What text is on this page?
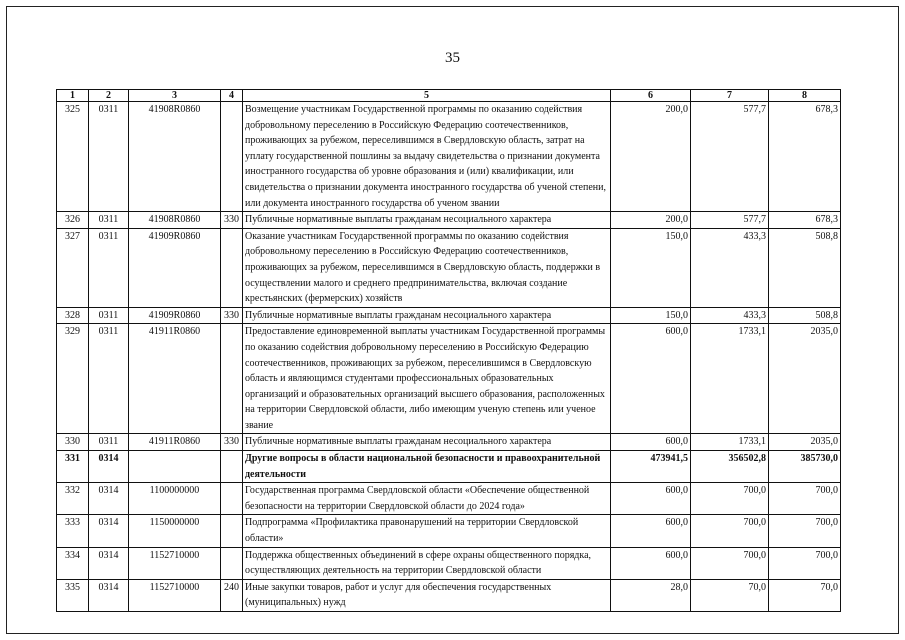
35
1	2	3	4	5	6	7	8
325	0311	41908R0860		Возмещение участникам Государственной программы по оказанию содействия добровольному переселению в Российскую Федерацию соотечественников, проживающих за рубежом, переселившимся в Свердловскую область, затрат на уплату государственной пошлины за выдачу свидетельства о признании документа иностранного государства об уровне образования и (или) квалификации, или свидетельства о признании документа иностранного государства об ученой степени, или документа иностранного государства об ученом звании	200,0	577,7	678,3
326	0311	41908R0860	330	Публичные нормативные выплаты гражданам несоциального характера	200,0	577,7	678,3
327	0311	41909R0860		Оказание участникам Государственной программы по оказанию содействия добровольному переселению в Российскую Федерацию соотечественников, проживающих за рубежом, переселившимся в Свердловскую область, поддержки в осуществлении малого и среднего предпринимательства, включая создание крестьянских (фермерских) хозяйств	150,0	433,3	508,8
328	0311	41909R0860	330	Публичные нормативные выплаты гражданам несоциального характера	150,0	433,3	508,8
329	0311	41911R0860		Предоставление единовременной выплаты участникам Государственной программы по оказанию содействия добровольному переселению в Российскую Федерацию соотечественников, проживающих за рубежом, переселившимся в Свердловскую область и являющимся студентами профессиональных образовательных организаций и образовательных организаций высшего образования, расположенных на территории Свердловской области, либо имеющим ученую степень или ученое звание	600,0	1733,1	2035,0
330	0311	41911R0860	330	Публичные нормативные выплаты гражданам несоциального характера	600,0	1733,1	2035,0
331	0314			Другие вопросы в области национальной безопасности и правоохранительной деятельности	473941,5	356502,8	385730,0
332	0314	1100000000		Государственная программа Свердловской области «Обеспечение общественной безопасности на территории Свердловской области до 2024 года»	600,0	700,0	700,0
333	0314	1150000000		Подпрограмма «Профилактика правонарушений на территории Свердловской области»	600,0	700,0	700,0
334	0314	1152710000		Поддержка общественных объединений в сфере охраны общественного порядка, осуществляющих деятельность на территории Свердловской области	600,0	700,0	700,0
335	0314	1152710000	240	Иные закупки товаров, работ и услуг для обеспечения государственных (муниципальных) нужд	28,0	70,0	70,0
